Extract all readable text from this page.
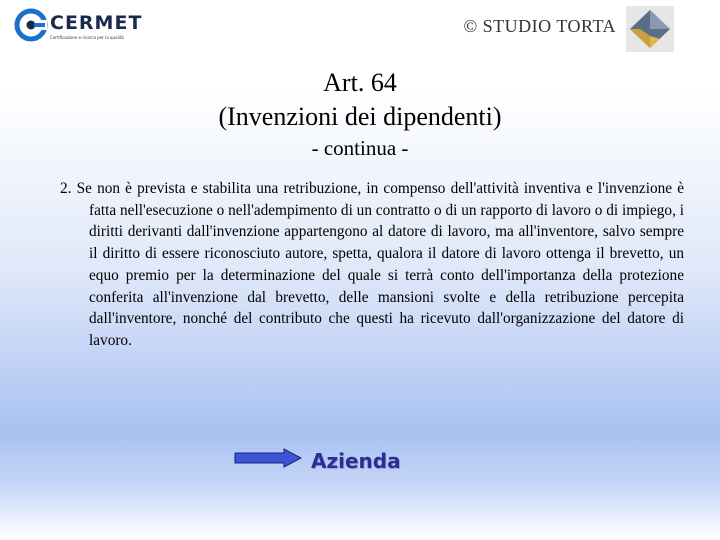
CERMET
Certificazione e ricerca per la qualità
© STUDIO TORTA
Art. 64
(Invenzioni dei dipendenti)
- continua -
2. Se non è prevista e stabilita una retribuzione, in compenso dell'attività inventiva e l'invenzione è fatta nell'esecuzione o nell'adempimento di un contratto o di un rapporto di lavoro o di impiego, i diritti derivanti dall'invenzione appartengono al datore di lavoro, ma all'inventore, salvo sempre il diritto di essere riconosciuto autore, spetta, qualora il datore di lavoro ottenga il brevetto, un equo premio per la determinazione del quale si terrà conto dell'importanza della protezione conferita all'invenzione dal brevetto, delle mansioni svolte e della retribuzione percepita dall'inventore, nonché del contributo che questi ha ricevuto dall'organizzazione del datore di lavoro.
Azienda
